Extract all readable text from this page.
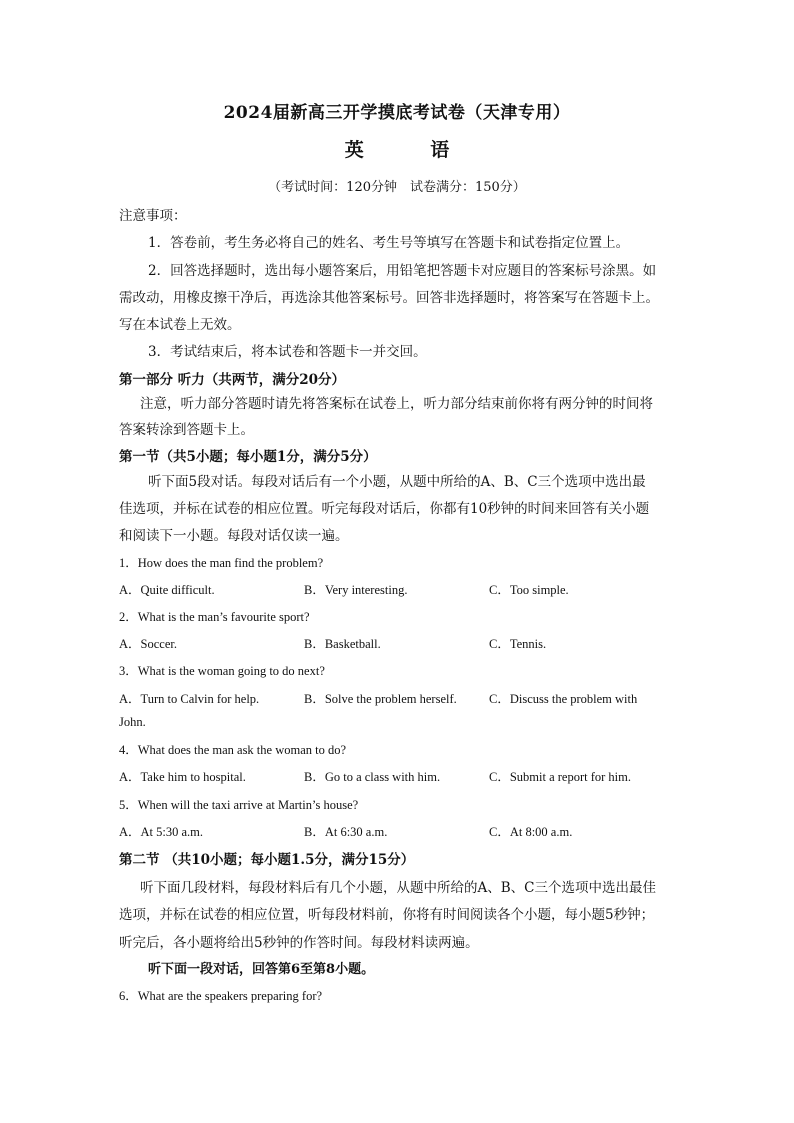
2024届新高三开学摸底考试卷（天津专用）
英 语
（考试时间：120分钟　试卷满分：150分）
注意事项：
1．答卷前，考生务必将自己的姓名、考生号等填写在答题卡和试卷指定位置上。
2．回答选择题时，选出每小题答案后，用铅笔把答题卡对应题目的答案标号涂黑。如
需改动，用橡皮擦干净后，再选涂其他答案标号。回答非选择题时，将答案写在答题卡上。
写在本试卷上无效。
3．考试结束后，将本试卷和答题卡一并交回。
第一部分 听力（共两节，满分20分）
注意，听力部分答题时请先将答案标在试卷上，听力部分结束前你将有两分钟的时间将
答案转涂到答题卡上。
第一节（共5小题；每小题1分，满分5分）
听下面5段对话。每段对话后有一个小题，从题中所给的A、B、C三个选项中选出最
佳选项，并标在试卷的相应位置。听完每段对话后，你都有10秒钟的时间来回答有关小题
和阅读下一小题。每段对话仅读一遍。
1．How does the man find the problem?
A．Quite difficult.	B．Very interesting.	C．Too simple.
2．What is the man’s favourite sport?
A．Soccer.	B．Basketball.	C．Tennis.
3．What is the woman going to do next?
A．Turn to Calvin for help.	B．Solve the problem herself.	C．Discuss the problem with
John.
4．What does the man ask the woman to do?
A．Take him to hospital.	B．Go to a class with him.	C．Submit a report for him.
5．When will the taxi arrive at Martin’s house?
A．At 5:30 a.m.	B．At 6:30 a.m.	C．At 8:00 a.m.
第二节 （共10小题；每小题1.5分，满分15分）
听下面几段材料，每段材料后有几个小题，从题中所给的A、B、C三个选项中选出最佳
选项，并标在试卷的相应位置，听每段材料前，你将有时间阅读各个小题，每小题5秒钟；
听完后，各小题将给出5秒钟的作答时间。每段材料读两遍。
听下面一段对话，回答第6至第8小题。
6．What are the speakers preparing for?
